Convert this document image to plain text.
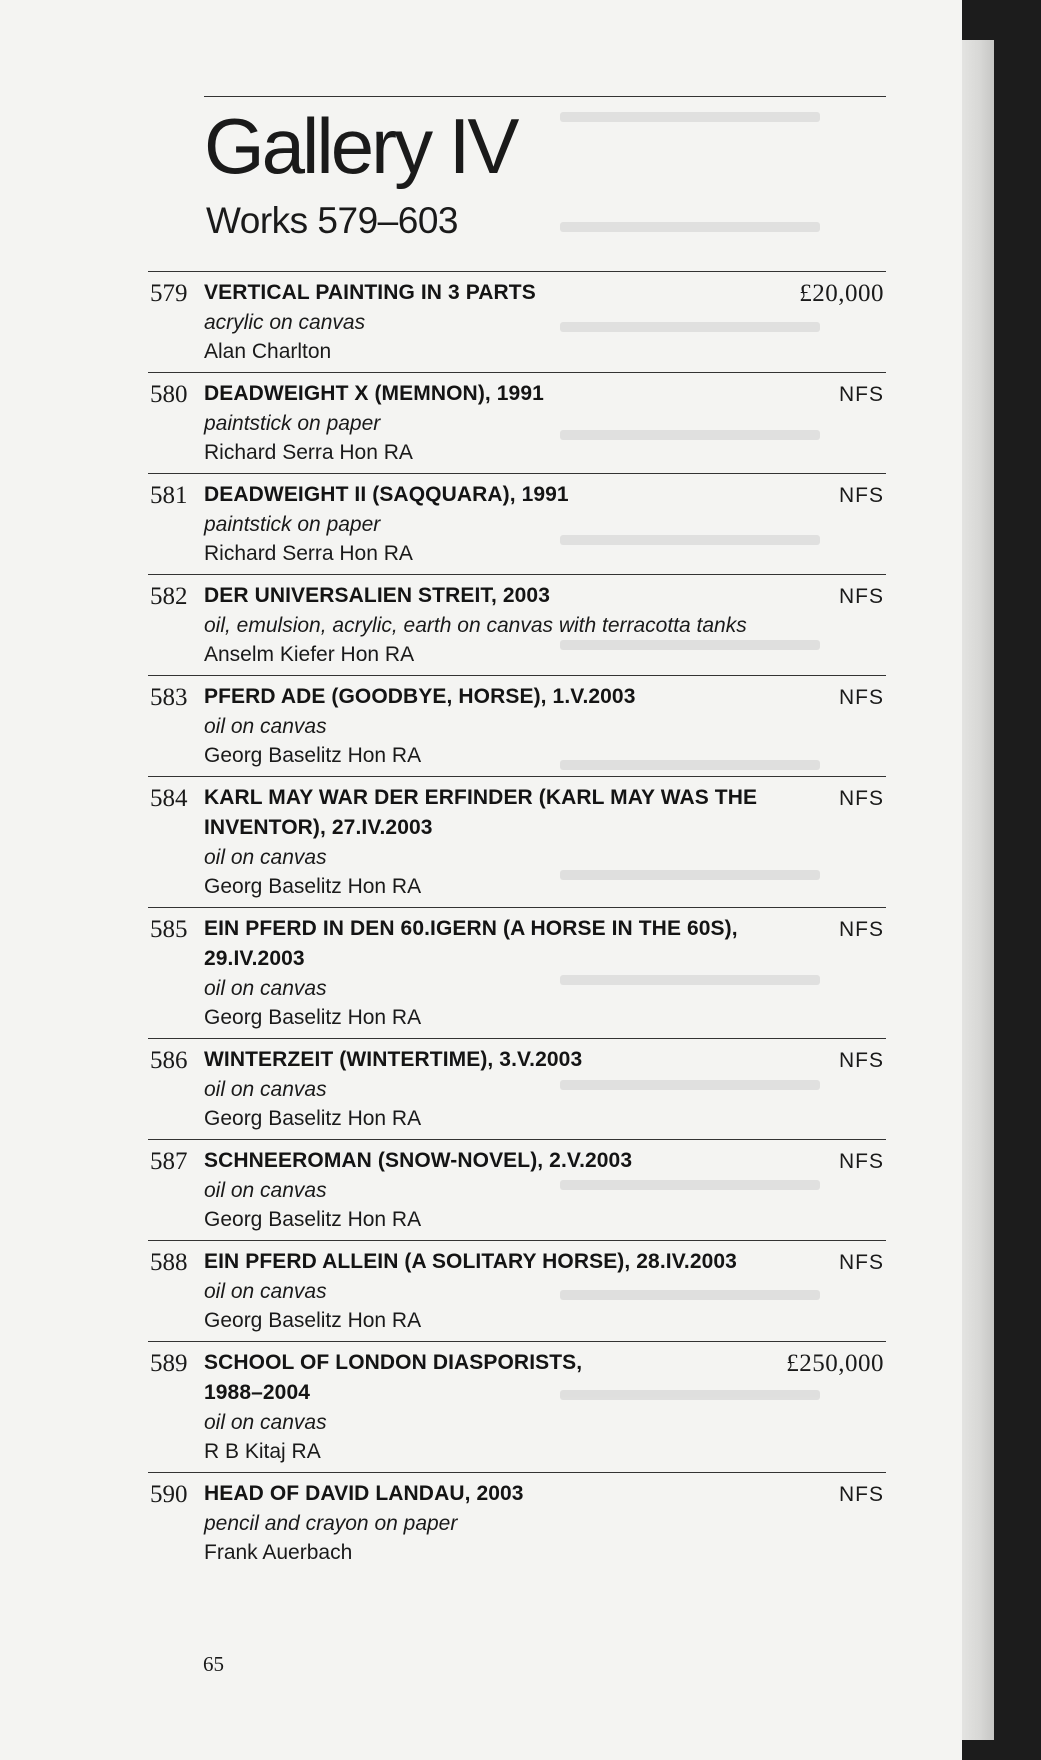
Gallery IV
Works 579–603
579 VERTICAL PAINTING IN 3 PARTS
acrylic on canvas
Alan Charlton
£20,000
580 DEADWEIGHT X (MEMNON), 1991
paintstick on paper
Richard Serra Hon RA
NFS
581 DEADWEIGHT II (SAQQUARA), 1991
paintstick on paper
Richard Serra Hon RA
NFS
582 DER UNIVERSALIEN STREIT, 2003
oil, emulsion, acrylic, earth on canvas with terracotta tanks
Anselm Kiefer Hon RA
NFS
583 PFERD ADE (GOODBYE, HORSE), 1.V.2003
oil on canvas
Georg Baselitz Hon RA
NFS
584 KARL MAY WAR DER ERFINDER (KARL MAY WAS THE INVENTOR), 27.IV.2003
oil on canvas
Georg Baselitz Hon RA
NFS
585 EIN PFERD IN DEN 60.IGERN (A HORSE IN THE 60S), 29.IV.2003
oil on canvas
Georg Baselitz Hon RA
NFS
586 WINTERZEIT (WINTERTIME), 3.V.2003
oil on canvas
Georg Baselitz Hon RA
NFS
587 SCHNEEROMAN (SNOW-NOVEL), 2.V.2003
oil on canvas
Georg Baselitz Hon RA
NFS
588 EIN PFERD ALLEIN (A SOLITARY HORSE), 28.IV.2003
oil on canvas
Georg Baselitz Hon RA
NFS
589 SCHOOL OF LONDON DIASPORISTS, 1988–2004
oil on canvas
R B Kitaj RA
£250,000
590 HEAD OF DAVID LANDAU, 2003
pencil and crayon on paper
Frank Auerbach
NFS
65
